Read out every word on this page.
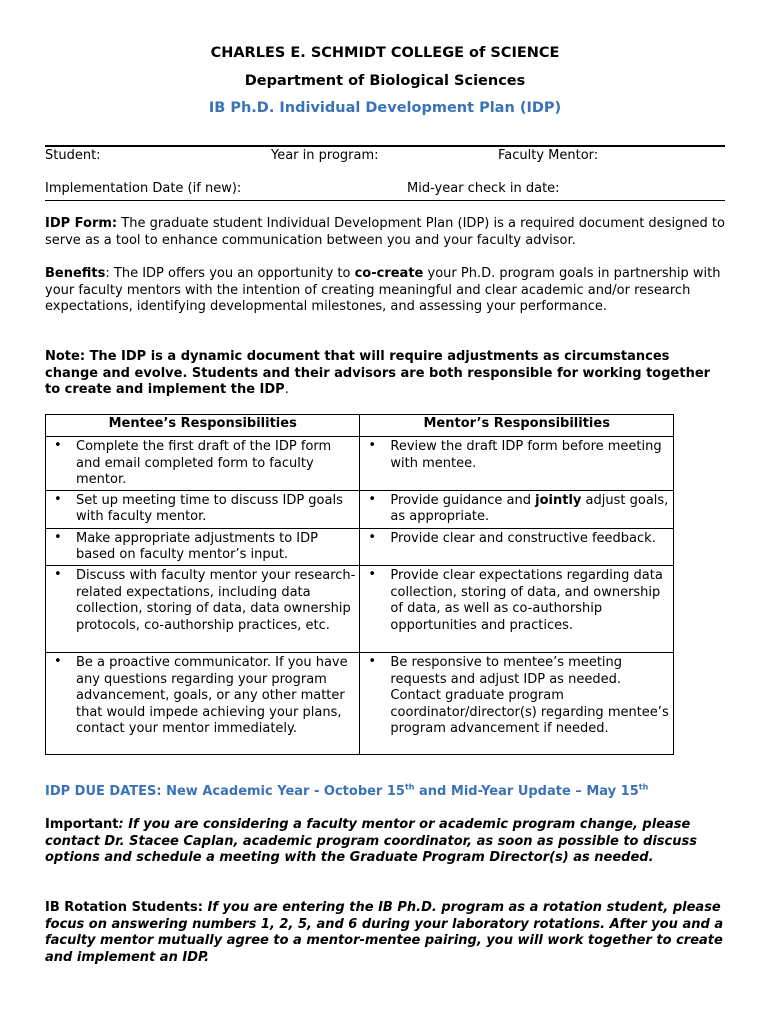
CHARLES E. SCHMIDT COLLEGE of SCIENCE
Department of Biological Sciences
IB Ph.D. Individual Development Plan (IDP)
Student:	Year in program:	Faculty Mentor:
Implementation Date (if new):	Mid-year check in date:
IDP Form: The graduate student Individual Development Plan (IDP) is a required document designed to serve as a tool to enhance communication between you and your faculty advisor.
Benefits: The IDP offers you an opportunity to co-create your Ph.D. program goals in partnership with your faculty mentors with the intention of creating meaningful and clear academic and/or research expectations, identifying developmental milestones, and assessing your performance.
Note: The IDP is a dynamic document that will require adjustments as circumstances change and evolve. Students and their advisors are both responsible for working together to create and implement the IDP.
Mentee’s Responsibilities	Mentor’s Responsibilities

• Complete the first draft of the IDP form and email completed form to faculty mentor.	• Review the draft IDP form before meeting with mentee.

• Set up meeting time to discuss IDP goals with faculty mentor.	• Provide guidance and jointly adjust goals, as appropriate.

• Make appropriate adjustments to IDP based on faculty mentor’s input.	• Provide clear and constructive feedback.

• Discuss with faculty mentor your research-related expectations, including data collection, storing of data, data ownership protocols, co-authorship practices, etc.	• Provide clear expectations regarding data collection, storing of data, and ownership of data, as well as co-authorship opportunities and practices.

• Be a proactive communicator. If you have any questions regarding your program advancement, goals, or any other matter that would impede achieving your plans, contact your mentor immediately.	• Be responsive to mentee’s meeting requests and adjust IDP as needed. Contact graduate program coordinator/director(s) regarding mentee’s program advancement if needed.
IDP DUE DATES: New Academic Year - October 15th and Mid-Year Update – May 15th
Important: If you are considering a faculty mentor or academic program change, please contact Dr. Stacee Caplan, academic program coordinator, as soon as possible to discuss options and schedule a meeting with the Graduate Program Director(s) as needed.
IB Rotation Students: If you are entering the IB Ph.D. program as a rotation student, please focus on answering numbers 1, 2, 5, and 6 during your laboratory rotations. After you and a faculty mentor mutually agree to a mentor-mentee pairing, you will work together to create and implement an IDP.
